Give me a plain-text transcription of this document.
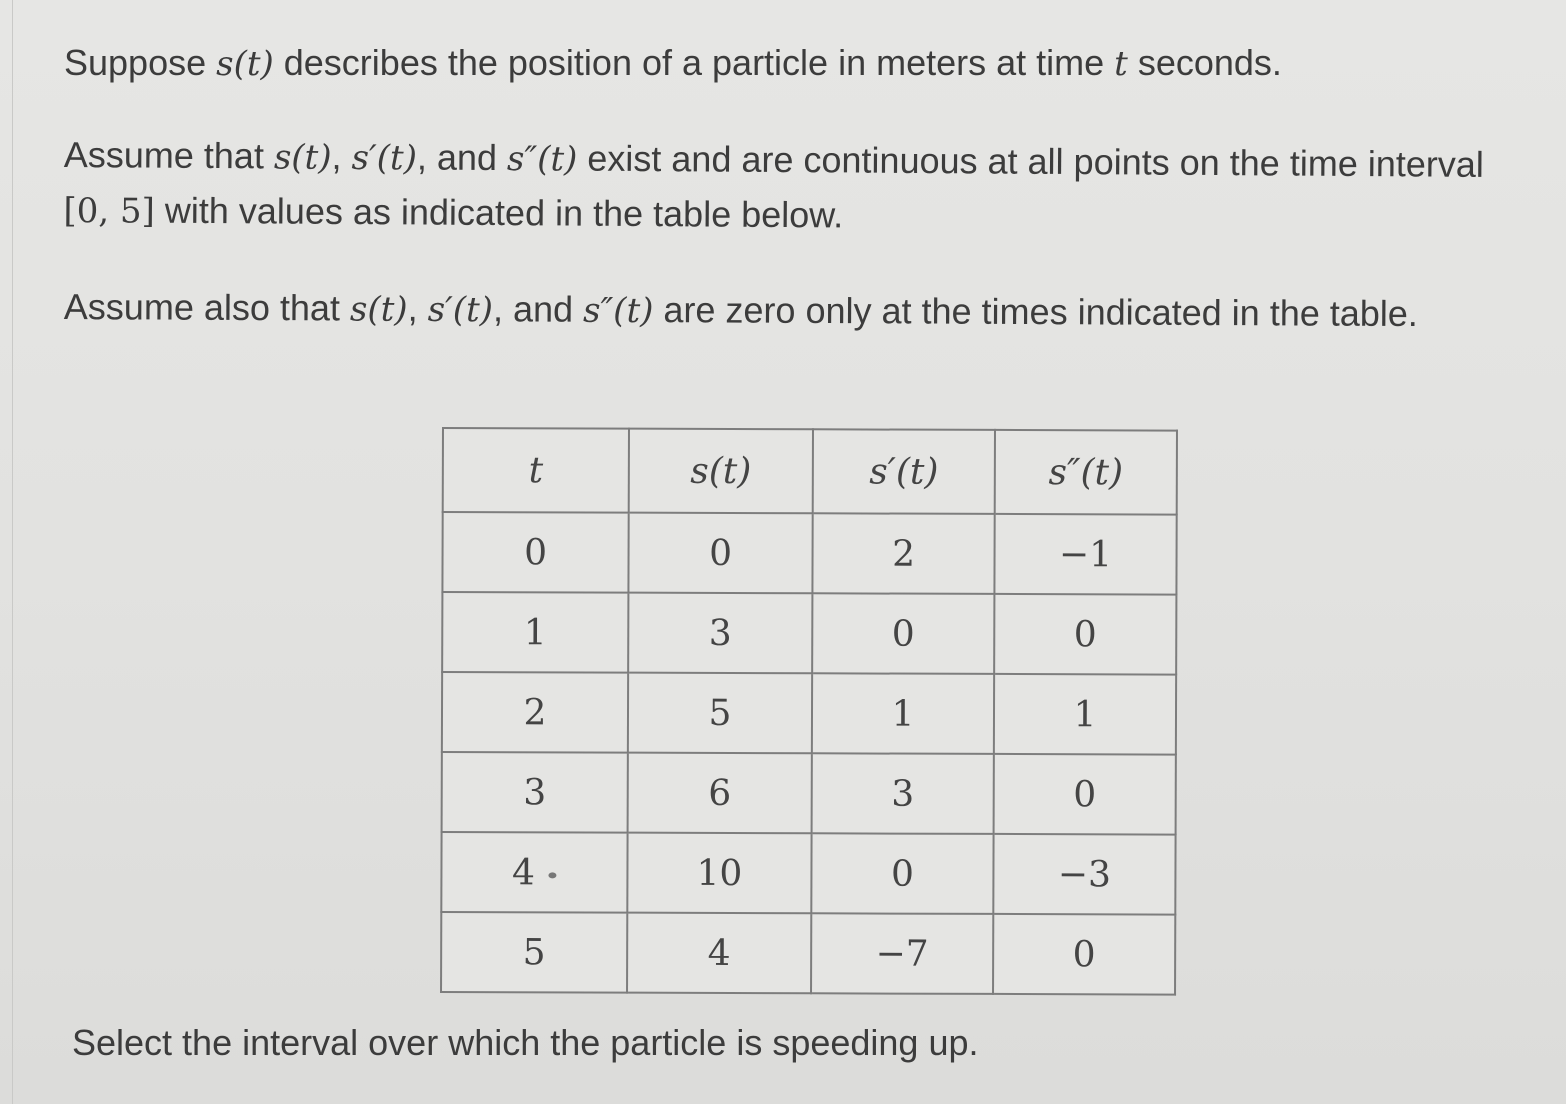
Suppose s(t) describes the position of a particle in meters at time t seconds.
Assume that s(t), s′(t), and s″(t) exist and are continuous at all points on the time interval [0, 5] with values as indicated in the table below.
Assume also that s(t), s′(t), and s″(t) are zero only at the times indicated in the table.
t	s(t)	s′(t)	s″(t)
0	0	2	−1
1	3	0	0
2	5	1	1
3	6	3	0
4	10	0	−3
5	4	−7	0
Select the interval over which the particle is speeding up.
